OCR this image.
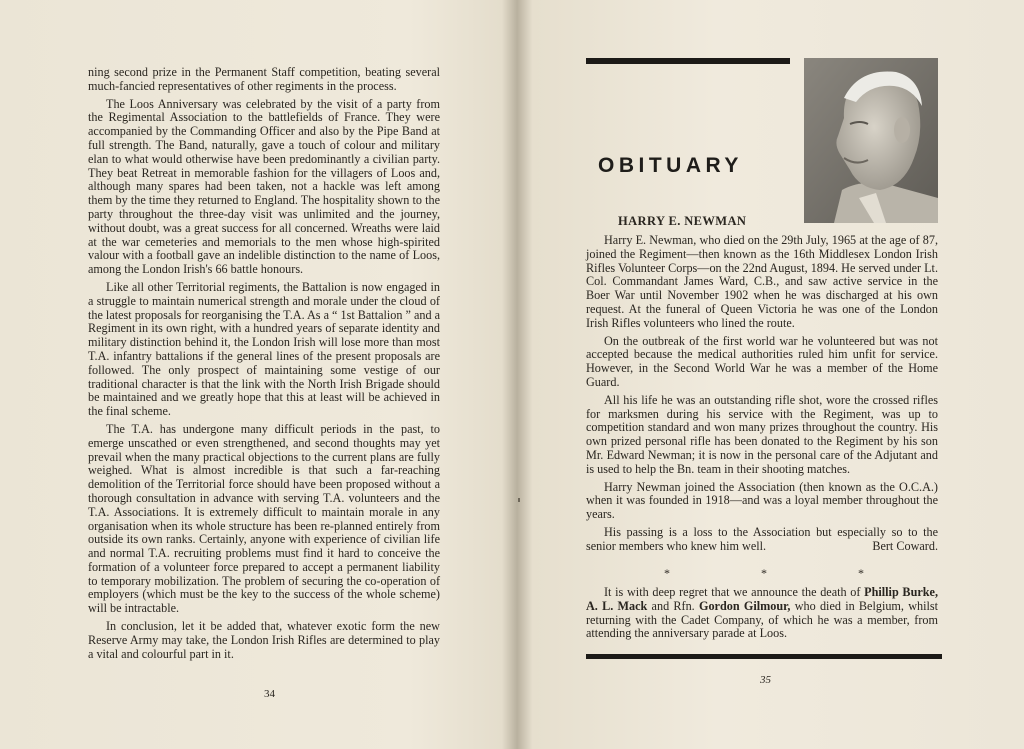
ning second prize in the Permanent Staff competition, beating several much-fancied representatives of other regiments in the process.

The Loos Anniversary was celebrated by the visit of a party from the Regimental Association to the battlefields of France. They were accompanied by the Commanding Officer and also by the Pipe Band at full strength. The Band, naturally, gave a touch of colour and military elan to what would otherwise have been predominantly a civilian party. They beat Retreat in memorable fashion for the villagers of Loos and, although many spares had been taken, not a hackle was left among them by the time they returned to England. The hospitality shown to the party throughout the three-day visit was unlimited and the journey, without doubt, was a great success for all concerned. Wreaths were laid at the war cemeteries and memorials to the men whose high-spirited valour with a football gave an indelible distinction to the name of Loos, among the London Irish's 66 battle honours.

Like all other Territorial regiments, the Battalion is now engaged in a struggle to maintain numerical strength and morale under the cloud of the latest proposals for reorganising the T.A. As a “ 1st Battalion ” and a Regiment in its own right, with a hundred years of separate identity and military distinction behind it, the London Irish will lose more than most T.A. infantry battalions if the general lines of the present proposals are followed. The only prospect of maintaining some vestige of our traditional character is that the link with the North Irish Brigade should be maintained and we greatly hope that this at least will be achieved in the final scheme.

The T.A. has undergone many difficult periods in the past, to emerge unscathed or even strengthened, and second thoughts may yet prevail when the many practical objections to the current plans are fully weighed. What is almost incredible is that such a far-reaching demolition of the Territorial force should have been proposed without a thorough consultation in advance with serving T.A. volunteers and the T.A. Associations. It is extremely difficult to maintain morale in any organisation when its whole structure has been re-planned entirely from outside its own ranks. Certainly, anyone with experience of civilian life and normal T.A. recruiting problems must find it hard to conceive the formation of a volunteer force prepared to accept a permanent liability to temporary mobilization. The problem of securing the co-operation of employers (which must be the key to the success of the whole scheme) will be intractable.

In conclusion, let it be added that, whatever exotic form the new Reserve Army may take, the London Irish Rifles are determined to play a vital and colourful part in it.

34
OBITUARY
HARRY E. NEWMAN

Harry E. Newman, who died on the 29th July, 1965 at the age of 87, joined the Regiment—then known as the 16th Middlesex London Irish Rifles Volunteer Corps—on the 22nd August, 1894. He served under Lt. Col. Commandant James Ward, C.B., and saw active service in the Boer War until November 1902 when he was discharged at his own request. At the funeral of Queen Victoria he was one of the London Irish Rifles volunteers who lined the route.

On the outbreak of the first world war he volunteered but was not accepted because the medical authorities ruled him unfit for service. However, in the Second World War he was a member of the Home Guard.

All his life he was an outstanding rifle shot, wore the crossed rifles for marksmen during his service with the Regiment, was up to competition standard and won many prizes throughout the country. His own prized personal rifle has been donated to the Regiment by his son Mr. Edward Newman; it is now in the personal care of the Adjutant and is used to help the Bn. team in their shooting matches.

Harry Newman joined the Association (then known as the O.C.A.) when it was founded in 1918—and was a loyal member throughout the years.

His passing is a loss to the Association but especially so to the senior members who knew him well.	Bert Coward.

*	*	*

It is with deep regret that we announce the death of Phillip Burke, A. L. Mack and Rfn. Gordon Gilmour, who died in Belgium, whilst returning with the Cadet Company, of which he was a member, from attending the anniversary parade at Loos.

35
